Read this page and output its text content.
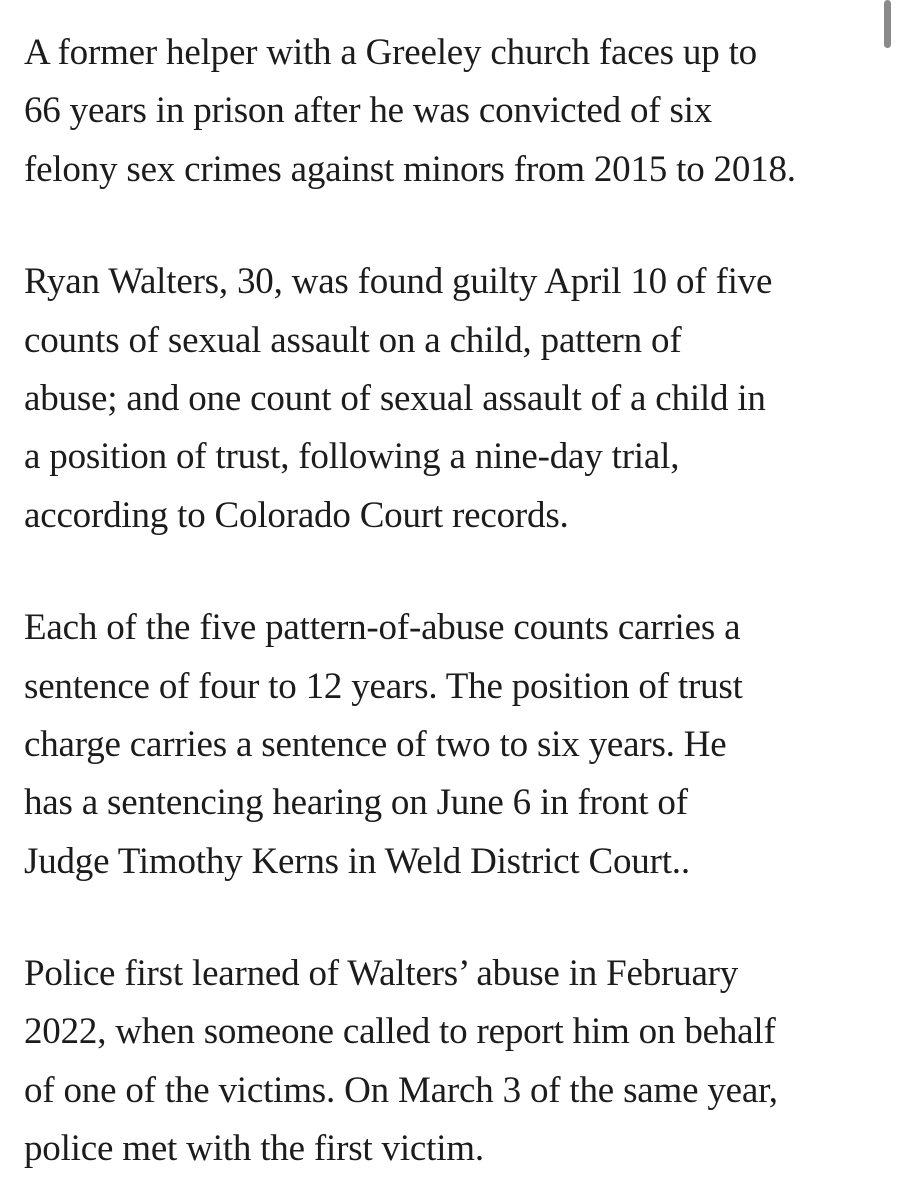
A former helper with a Greeley church faces up to
66 years in prison after he was convicted of six
felony sex crimes against minors from 2015 to 2018.

Ryan Walters, 30, was found guilty April 10 of five
counts of sexual assault on a child, pattern of
abuse; and one count of sexual assault of a child in
a position of trust, following a nine-day trial,
according to Colorado Court records.

Each of the five pattern-of-abuse counts carries a
sentence of four to 12 years. The position of trust
charge carries a sentence of two to six years. He
has a sentencing hearing on June 6 in front of
Judge Timothy Kerns in Weld District Court..

Police first learned of Walters’ abuse in February
2022, when someone called to report him on behalf
of one of the victims. On March 3 of the same year,
police met with the first victim.
